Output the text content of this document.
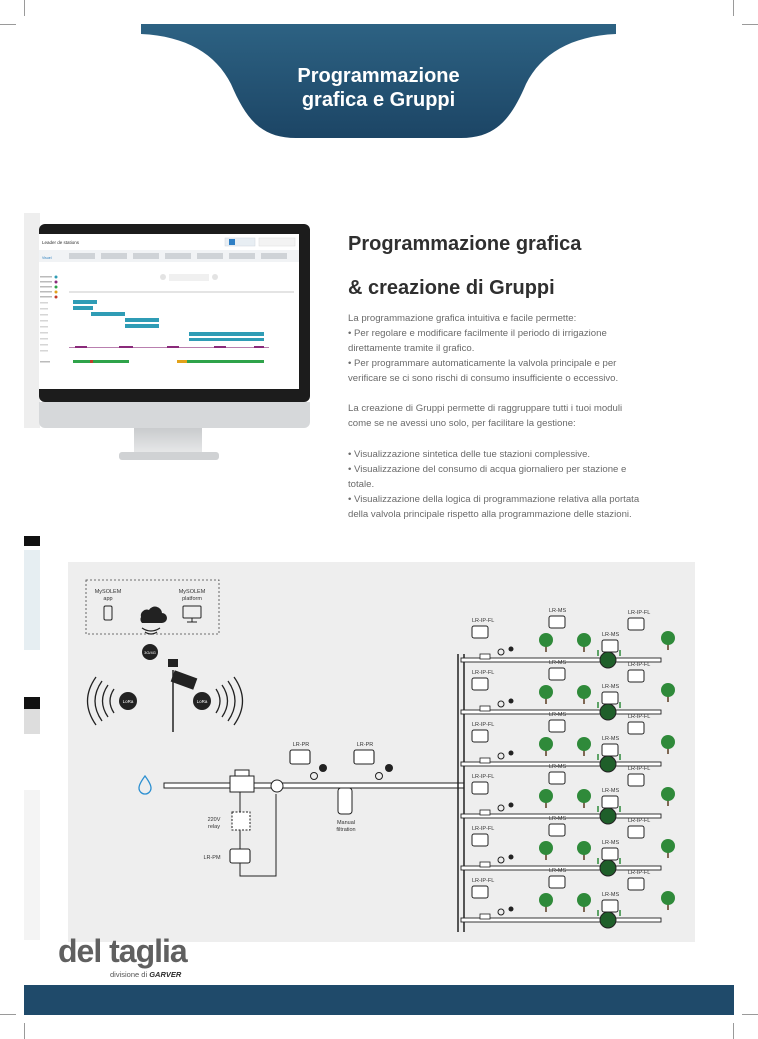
Programmazione
grafica e Gruppi
Leader de stations
Visuel
Programmazione grafica
& creazione di Gruppi

La programmazione grafica intuitiva e facile permette:

• Per regolare e modificare facilmente il periodo di irrigazione direttamente tramite il grafico.

• Per programmare automaticamente la valvola principale e per verificare se ci sono rischi di consumo insufficiente o eccessivo.

La creazione di Gruppi permette di raggruppare tutti i tuoi moduli come se ne avessi uno solo, per facilitare la gestione:

• Visualizzazione sintetica delle tue stazioni complessive.

• Visualizzazione del consumo di acqua giornaliero per stazione e totale.

• Visualizzazione della logica di programmazione relativa alla portata della valvola principale rispetto alla programmazione delle stazioni.

MySOLEM
app
MySOLEM
platform
3G/4G
LoRa	LoRa
LR-PR	LR-PR
Manual
filtration
220V
relay
LR-PM
LR-IP-FL
LR-MS
LR-MS
LR-IP-FL
LR-IP-FL
LR-MS
LR-MS
LR-IP-FL
LR-IP-FL
LR-MS
LR-MS
LR-IP-FL
LR-IP-FL
LR-MS
LR-MS
LR-IP-FL
LR-IP-FL
LR-MS
LR-MS
LR-IP-FL
LR-IP-FL
LR-MS
LR-MS
LR-IP-FL
del taglia
divisione di GARVER
